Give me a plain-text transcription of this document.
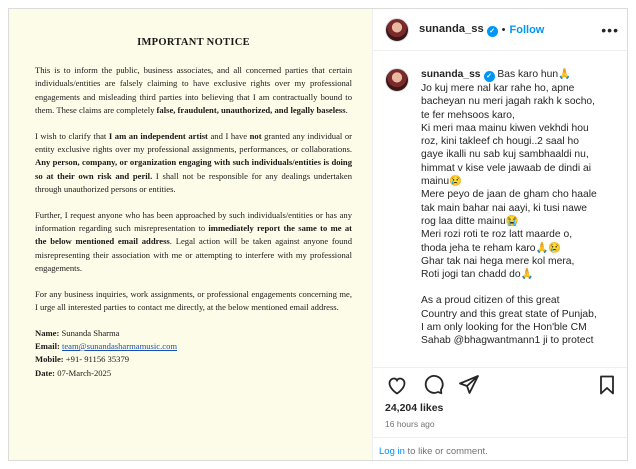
IMPORTANT NOTICE

This is to inform the public, business associates, and all concerned parties that certain individuals/entities are falsely claiming to have exclusive rights over my professional engagements and misleading third parties into believing that I am contractually bound to them. These claims are completely false, fraudulent, unauthorized, and legally baseless.

I wish to clarify that I am an independent artist and I have not granted any individual or entity exclusive rights over my professional assignments, performances, or collaborations. Any person, company, or organization engaging with such individuals/entities is doing so at their own risk and peril. I shall not be responsible for any dealings undertaken through unauthorized persons or entities.

Further, I request anyone who has been approached by such individuals/entities or has any information regarding such misrepresentation to immediately report the same to me at the below mentioned email address. Legal action will be taken against anyone found misrepresenting their association with me or attempting to interfere with my professional engagements.

For any business inquiries, work assignments, or professional engagements concerning me, I urge all interested parties to contact me directly, at the below mentioned email address.

Name: Sunanda Sharma
Email: team@sunandasharmamusic.com
Mobile: +91- 91156 35379
Date: 07-March-2025
sunanda_ss ✓ • Follow	•••
sunanda_ss ✓ Bas karo hun🙏
Jo kuj mere nal kar rahe ho, apne
bacheyan nu meri jagah rakh k socho,
te fer mehsoos karo,
Ki meri maa mainu kiwen vekhdi hou
roz, kini takleef ch hougi..2 saal ho
gaye ikalli nu sab kuj sambhaaldi nu,
himmat v kise vele jawaab de dindi ai
mainu😢
Mere peyo de jaan de gham cho haale
tak main bahar nai aayi, ki tusi nawe
rog laa ditte mainu😭
Meri rozi roti te roz latt maarde o,
thoda jeha te reham karo🙏😢
Ghar tak nai hega mere kol mera,
Roti jogi tan chadd do🙏
As a proud citizen of this great
Country and this great state of Punjab,
I am only looking for the Hon'ble CM
Sahab @bhagwantmann1 ji to protect
24,204 likes
16 hours ago
Log in to like or comment.
